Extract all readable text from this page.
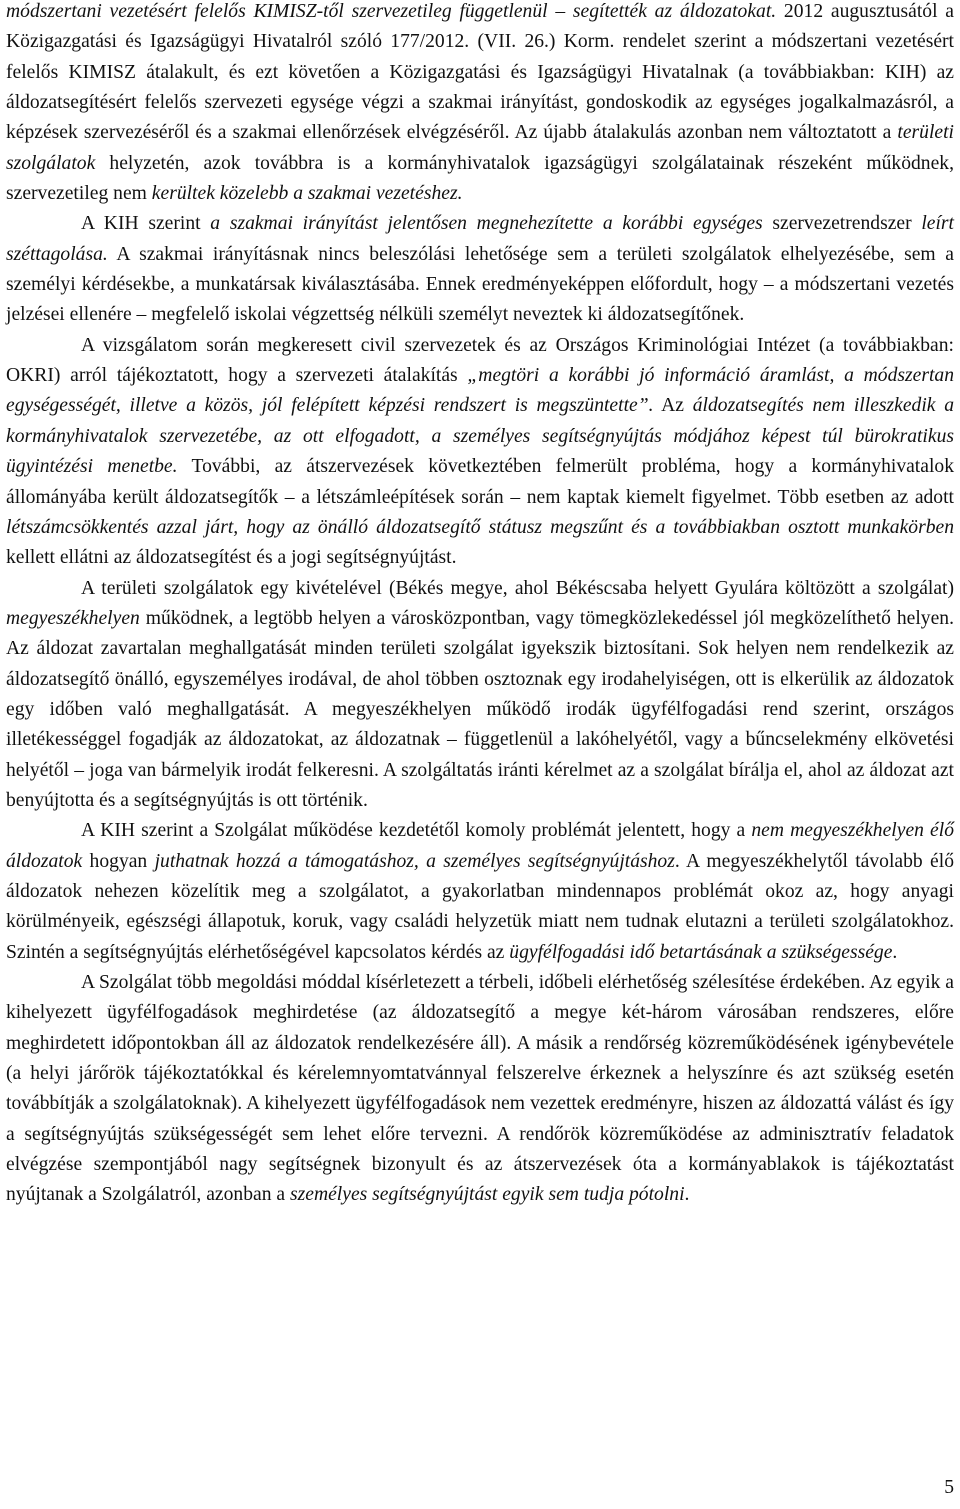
módszertani vezetésért felelős KIMISZ-től szervezetileg függetlenül – segítették az áldozatokat. 2012 augusztusától a Közigazgatási és Igazságügyi Hivatalról szóló 177/2012. (VII. 26.) Korm. rendelet szerint a módszertani vezetésért felelős KIMISZ átalakult, és ezt követően a Közigazgatási és Igazságügyi Hivatalnak (a továbbiakban: KIH) az áldozatsegítésért felelős szervezeti egysége végzi a szakmai irányítást, gondoskodik az egységes jogalkalmazásról, a képzések szervezéséről és a szakmai ellenőrzések elvégzéséről. Az újabb átalakulás azonban nem változtatott a területi szolgálatok helyzetén, azok továbbra is a kormányhivatalok igazságügyi szolgálatainak részeként működnek, szervezetileg nem kerültek közelebb a szakmai vezetéshez.

A KIH szerint a szakmai irányítást jelentősen megnehezítette a korábbi egységes szervezetrendszer leírt széttagolása. A szakmai irányításnak nincs beleszólási lehetősége sem a területi szolgálatok elhelyezésébe, sem a személyi kérdésekbe, a munkatársak kiválasztásába. Ennek eredményeképpen előfordult, hogy – a módszertani vezetés jelzései ellenére – megfelelő iskolai végzettség nélküli személyt neveztek ki áldozatsegítőnek.

A vizsgálatom során megkeresett civil szervezetek és az Országos Kriminológiai Intézet (a továbbiakban: OKRI) arról tájékoztatott, hogy a szervezeti átalakítás „megtöri a korábbi jó információ áramlást, a módszertan egységességét, illetve a közös, jól felépített képzési rendszert is megszüntette”. Az áldozatsegítés nem illeszkedik a kormányhivatalok szervezetébe, az ott elfogadott, a személyes segítségnyújtás módjához képest túl bürokratikus ügyintézési menetbe. További, az átszervezések következtében felmerült probléma, hogy a kormányhivatalok állományába került áldozatsegítők – a létszámleépítések során – nem kaptak kiemelt figyelmet. Több esetben az adott létszámcsökkentés azzal járt, hogy az önálló áldozatsegítő státusz megszűnt és a továbbiakban osztott munkakörben kellett ellátni az áldozatsegítést és a jogi segítségnyújtást.

A területi szolgálatok egy kivételével (Békés megye, ahol Békéscsaba helyett Gyulára költözött a szolgálat) megyeszékhelyen működnek, a legtöbb helyen a városközpontban, vagy tömegközlekedéssel jól megközelíthető helyen. Az áldozat zavartalan meghallgatását minden területi szolgálat igyekszik biztosítani. Sok helyen nem rendelkezik az áldozatsegítő önálló, egyszemélyes irodával, de ahol többen osztoznak egy irodahelyiségen, ott is elkerülik az áldozatok egy időben való meghallgatását. A megyeszékhelyen működő irodák ügyfélfogadási rend szerint, országos illetékességgel fogadják az áldozatokat, az áldozatnak – függetlenül a lakóhelyétől, vagy a bűncselekmény elkövetési helyétől – joga van bármelyik irodát felkeresni. A szolgáltatás iránti kérelmet az a szolgálat bírálja el, ahol az áldozat azt benyújtotta és a segítségnyújtás is ott történik.

A KIH szerint a Szolgálat működése kezdetétől komoly problémát jelentett, hogy a nem megyeszékhelyen élő áldozatok hogyan juthatnak hozzá a támogatáshoz, a személyes segítségnyújtáshoz. A megyeszékhelytől távolabb élő áldozatok nehezen közelítik meg a szolgálatot, a gyakorlatban mindennapos problémát okoz az, hogy anyagi körülményeik, egészségi állapotuk, koruk, vagy családi helyzetük miatt nem tudnak elutazni a területi szolgálatokhoz. Szintén a segítségnyújtás elérhetőségével kapcsolatos kérdés az ügyfélfogadási idő betartásának a szükségessége.

A Szolgálat több megoldási móddal kísérletezett a térbeli, időbeli elérhetőség szélesítése érdekében. Az egyik a kihelyezett ügyfélfogadások meghirdetése (az áldozatsegítő a megye két-három városában rendszeres, előre meghirdetett időpontokban áll az áldozatok rendelkezésére áll). A másik a rendőrség közreműködésének igénybevétele (a helyi járőrök tájékoztatókkal és kérelemnyomtatvánnyal felszerelve érkeznek a helyszínre és azt szükség esetén továbbítják a szolgálatoknak). A kihelyezett ügyfélfogadások nem vezettek eredményre, hiszen az áldozattá válást és így a segítségnyújtás szükségességét sem lehet előre tervezni. A rendőrök közreműködése az adminisztratív feladatok elvégzése szempontjából nagy segítségnek bizonyult és az átszervezések óta a kormányablakok is tájékoztatást nyújtanak a Szolgálatról, azonban a személyes segítségnyújtást egyik sem tudja pótolni.

5
